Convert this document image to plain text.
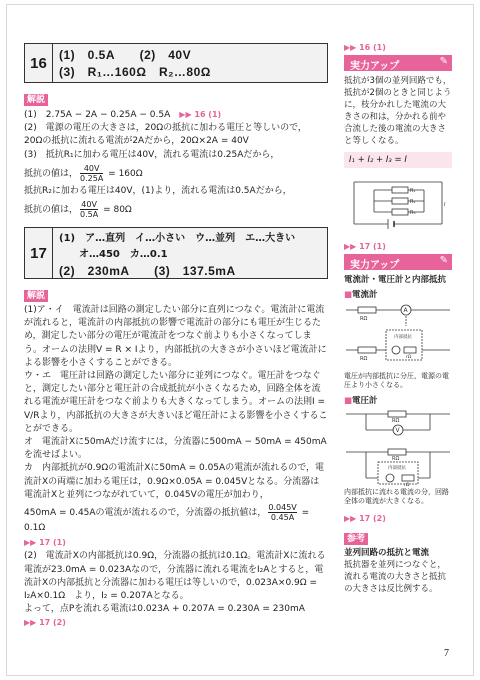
16	(1)　0.5A　　(2)　40V
(3)　R₁…160Ω　R₂…80Ω
解説

(1)　2.75A − 2A − 0.25A − 0.5A　▶▶	16 (1)

(2)　電源の電圧の大きさは，20Ωの抵抗に加わる電圧と等しいので，

20Ωの抵抗に流れる電流が2Aだから，20Ω×2A = 40V

(3)　抵抗R₁に加わる電圧は40V，流れる電流は0.25Aだから，

抵抗の値は， $\frac{40V}{0.25A} = 160\Omega$

抵抗R₂に加わる電圧は40V，(1)より，流れる電流は0.5Aだから，

抵抗の値は， $\frac{40V}{0.5A} = 80\Omega$

17
(1)　ア…直列　イ…小さい　ウ…並列　エ…大きい
　　オ…450　カ…0.1
(2)　230mA　　(3)　137.5mA
解説

(1)ア・イ　電流計は回路の測定したい部分に直列につなぐ。電流計に電流が流れると，電流計の内部抵抗の影響で電流計の部分にも電圧が生じるため，測定したい部分の電圧が電流計をつなぐ前よりも小さくなってしまう。オームの法則V = R × Iより，内部抵抗の大きさが小さいほど電流計による影響を小さくすることができる。

ウ・エ　電圧計は回路の測定したい部分に並列につなぐ。電圧計をつなぐと，測定したい部分と電圧計の合成抵抗が小さくなるため，回路全体を流れる電流が電圧計をつなぐ前よりも大きくなってしまう。オームの法則I = V/Rより，内部抵抗の大きさが大きいほど電圧計による影響を小さくすることができる。

オ　電流計Xに50mAだけ流すには，分流器に500mA − 50mA = 450mAを流せばよい。

カ　内部抵抗が0.9Ωの電流計Xに50mA = 0.05Aの電流が流れるので，電流計Xの両端に加わる電圧は，0.9Ω×0.05A = 0.045Vとなる。分流器は電流計Xと並列につながれていて，0.045Vの電圧が加わり，

450mA = 0.45Aの電流が流れるので，分流器の抵抗値は， $\frac{0.045V}{0.45A} = 0.1\Omega$

▶▶ 17 (1)

(2)　電流計Xの内部抵抗は0.9Ω，分流器の抵抗は0.1Ω。電流計Xに流れる電流が23.0mA = 0.023Aなので，分流器に流れる電流をI₂Aとすると，電流計Xの内部抵抗と分流器に加わる電圧は等しいので，0.023A×0.9Ω = I₂A×0.1Ω　より，I₂ = 0.207Aとなる。

よって，点Pを流れる電流は0.023A + 0.207A = 0.230A = 230mA

▶▶ 17 (2)

▶▶ 16 (1)
実力アップ	✎
抵抗が3個の並列回路でも，抵抗が2個のときと同じように，枝分かれした電流の大きさの和は，分かれる前や合流した後の電流の大きさと等しくなる。
I₁ + I₂ + I₃ = I
R₁
R₂
R₃
I
▶▶ 17 (1)
実力アップ	✎
電流計・電圧計と内部抵抗
■ 電流計
RΩ
A
内部抵抗
RΩ	rΩ
電圧が内部抵抗に分圧，電源の電圧より小さくなる。
■ 電圧計
RΩ
V
RΩ
内部抵抗
rΩ
内部抵抗に流れる電流の分，回路全体の電流が大きくなる。
▶▶ 17 (2)
参考
並列回路の抵抗と電流
抵抗器を並列につなぐと，流れる電流の大きさと抵抗の大きさは反比例する。
7
